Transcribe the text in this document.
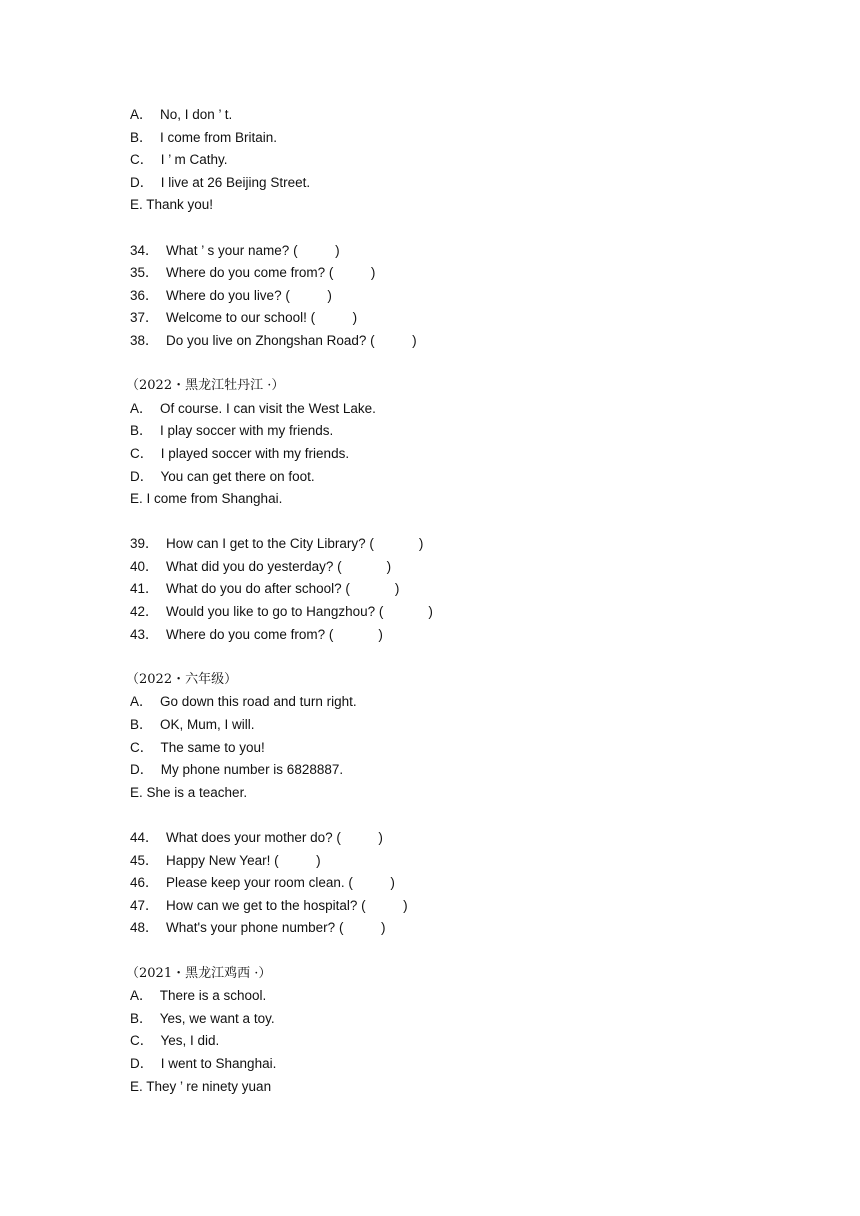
A．  No, I don ’ t.
B．  I come from Britain.
C．  I ’ m Cathy.
D．  I live at 26 Beijing Street.
E. Thank you!
34．  What ’ s your name? (          )
35．  Where do you come from? (          )
36．  Where do you live? (          )
37．  Welcome to our school! (          )
38．  Do you live on Zhongshan Road? (          )
（2022・黑龙江牡丹江 ·）
A．  Of course. I can visit the West Lake.
B．  I play soccer with my friends.
C．  I played soccer with my friends.
D．  You can get there on foot.
E. I come from Shanghai.
39．  How can I get to the City Library? (            )
40．  What did you do yesterday? (            )
41．  What do you do after school? (            )
42．  Would you like to go to Hangzhou? (            )
43．  Where do you come from? (            )
（2022・六年级）
A．  Go down this road and turn right.
B．  OK, Mum, I will.
C．  The same to you!
D．  My phone number is 6828887.
E. She is a teacher.
44．  What does your mother do? (          )
45．  Happy New Year! (          )
46．  Please keep your room clean. (          )
47．  How can we get to the hospital? (          )
48．  What's your phone number? (          )
（2021・黑龙江鸡西 ·）
A．  There is a school.
B．  Yes, we want a toy.
C．  Yes, I did.
D．  I went to Shanghai.
E. They ’ re ninety yuan
